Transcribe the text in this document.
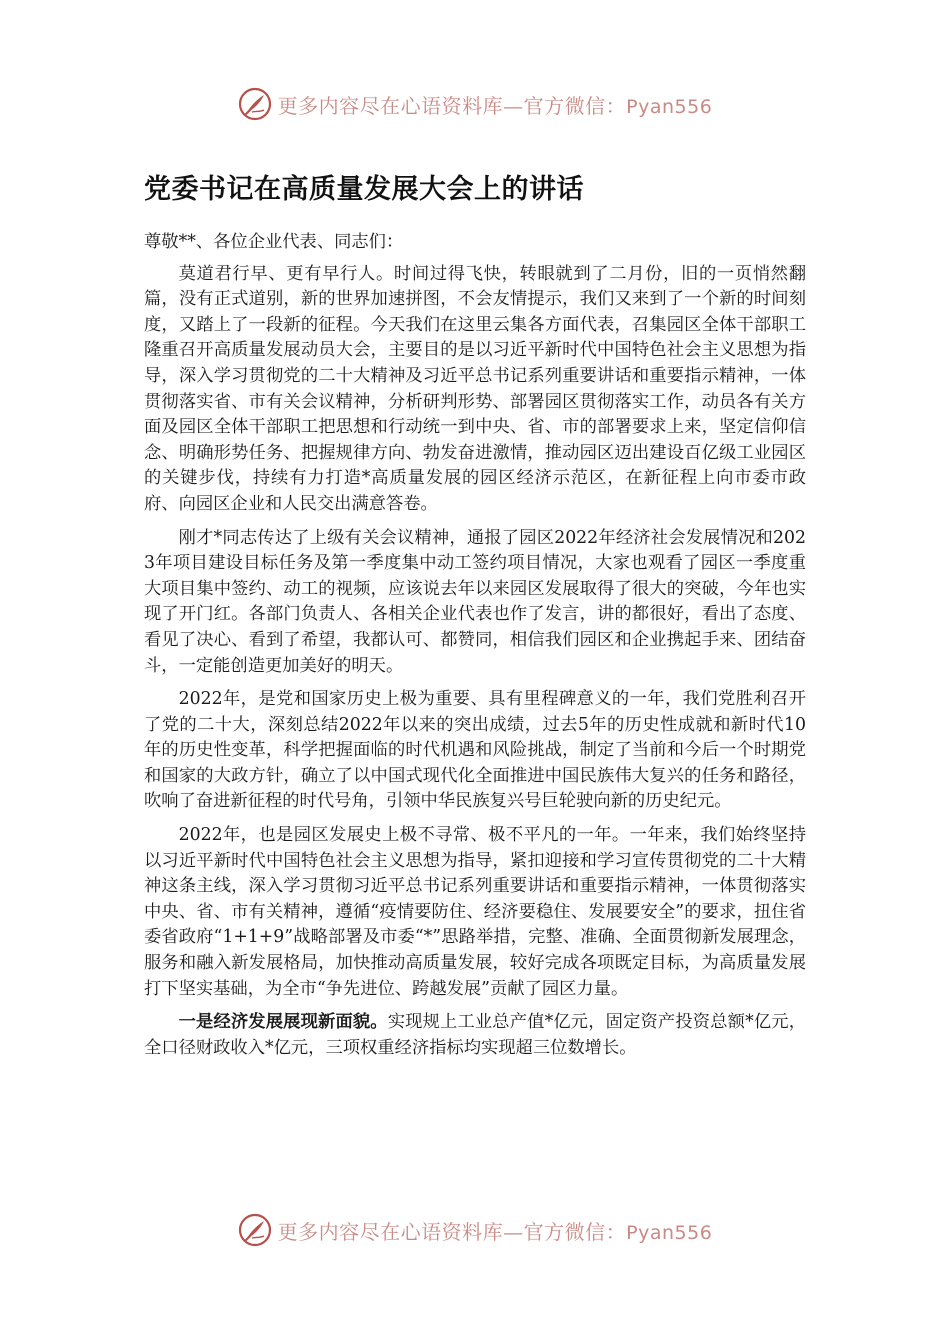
更多内容尽在心语资料库—官方微信：Pyan556
党委书记在高质量发展大会上的讲话

尊敬**、各位企业代表、同志们：

莫道君行早、更有早行人。时间过得飞快，转眼就到了二月份，旧的一页悄然翻篇，没有正式道别，新的世界加速拼图，不会友情提示，我们又来到了一个新的时间刻度，又踏上了一段新的征程。今天我们在这里云集各方面代表，召集园区全体干部职工隆重召开高质量发展动员大会，主要目的是以习近平新时代中国特色社会主义思想为指导，深入学习贯彻党的二十大精神及习近平总书记系列重要讲话和重要指示精神，一体贯彻落实省、市有关会议精神，分析研判形势、部署园区贯彻落实工作，动员各有关方面及园区全体干部职工把思想和行动统一到中央、省、市的部署要求上来，坚定信仰信念、明确形势任务、把握规律方向、勃发奋进激情，推动园区迈出建设百亿级工业园区的关键步伐，持续有力打造*高质量发展的园区经济示范区，在新征程上向市委市政府、向园区企业和人民交出满意答卷。

刚才*同志传达了上级有关会议精神，通报了园区2022年经济社会发展情况和2023年项目建设目标任务及第一季度集中动工签约项目情况，大家也观看了园区一季度重大项目集中签约、动工的视频，应该说去年以来园区发展取得了很大的突破，今年也实现了开门红。各部门负责人、各相关企业代表也作了发言，讲的都很好，看出了态度、看见了决心、看到了希望，我都认可、都赞同，相信我们园区和企业携起手来、团结奋斗，一定能创造更加美好的明天。

2022年，是党和国家历史上极为重要、具有里程碑意义的一年，我们党胜利召开了党的二十大，深刻总结2022年以来的突出成绩，过去5年的历史性成就和新时代10年的历史性变革，科学把握面临的时代机遇和风险挑战，制定了当前和今后一个时期党和国家的大政方针，确立了以中国式现代化全面推进中国民族伟大复兴的任务和路径，吹响了奋进新征程的时代号角，引领中华民族复兴号巨轮驶向新的历史纪元。

2022年，也是园区发展史上极不寻常、极不平凡的一年。一年来，我们始终坚持以习近平新时代中国特色社会主义思想为指导，紧扣迎接和学习宣传贯彻党的二十大精神这条主线，深入学习贯彻习近平总书记系列重要讲话和重要指示精神，一体贯彻落实中央、省、市有关精神，遵循“疫情要防住、经济要稳住、发展要安全”的要求，扭住省委省政府“1+1+9”战略部署及市委“*”思路举措，完整、准确、全面贯彻新发展理念，服务和融入新发展格局，加快推动高质量发展，较好完成各项既定目标，为高质量发展打下坚实基础，为全市“争先进位、跨越发展”贡献了园区力量。

一是经济发展展现新面貌。实现规上工业总产值*亿元，固定资产投资总额*亿元，全口径财政收入*亿元，三项权重经济指标均实现超三位数增长。

更多内容尽在心语资料库—官方微信：Pyan556
